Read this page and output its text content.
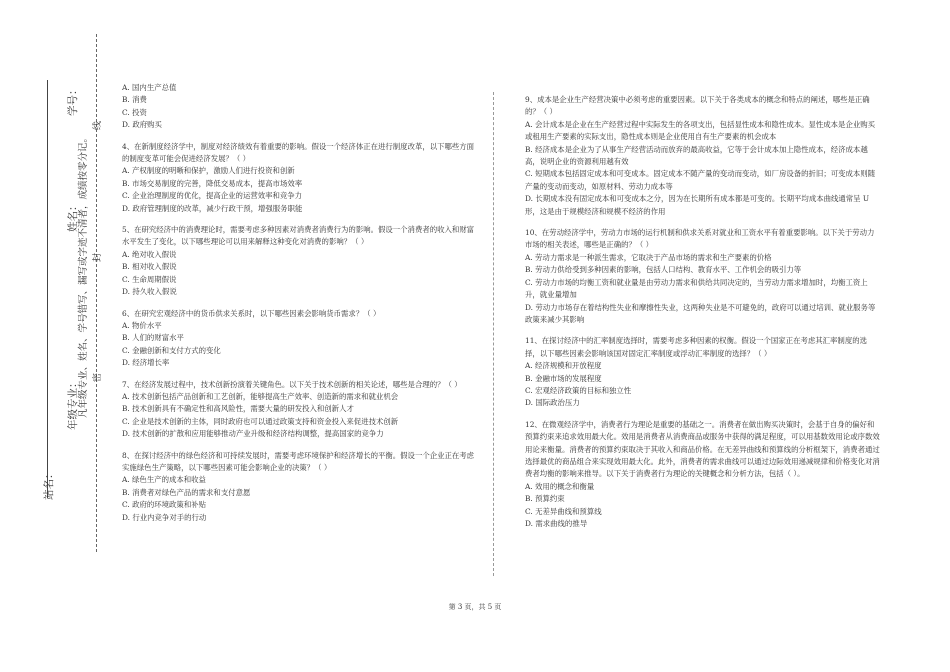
学号：
姓名：
年级专业：
站名：
凡年级专业、姓名、学号错写、漏写或字迹不清者，成绩按零分记。 密
封
线
A. 国内生产总值
B. 消费
C. 投资
D. 政府购买
4、在新制度经济学中，制度对经济绩效有着重要的影响。假设一个经济体正在进行制度改革，以下哪些方面的制度变革可能会促进经济发展？（ ）
A. 产权制度的明晰和保护，激励人们进行投资和创新
B. 市场交易制度的完善，降低交易成本，提高市场效率
C. 企业治理制度的优化，提高企业的运营效率和竞争力
D. 政府管理制度的改革，减少行政干预，增强服务职能
5、在研究经济中的消费理论时，需要考虑多种因素对消费者消费行为的影响。假设一个消费者的收入和财富水平发生了变化，以下哪些理论可以用来解释这种变化对消费的影响？（ ）
A. 绝对收入假说
B. 相对收入假说
C. 生命周期假说
D. 持久收入假说
6、在研究宏观经济中的货币供求关系时，以下哪些因素会影响货币需求？（ ）
A. 物价水平
B. 人们的财富水平
C. 金融创新和支付方式的变化
D. 经济增长率
7、在经济发展过程中，技术创新扮演着关键角色。以下关于技术创新的相关论述，哪些是合理的？（ ）
A. 技术创新包括产品创新和工艺创新，能够提高生产效率、创造新的需求和就业机会
B. 技术创新具有不确定性和高风险性，需要大量的研发投入和创新人才
C. 企业是技术创新的主体，同时政府也可以通过政策支持和资金投入来促进技术创新
D. 技术创新的扩散和应用能够推动产业升级和经济结构调整，提高国家的竞争力
8、在探讨经济中的绿色经济和可持续发展时，需要考虑环境保护和经济增长的平衡。假设一个企业正在考虑实施绿色生产策略，以下哪些因素可能会影响企业的决策？（ ）
A. 绿色生产的成本和收益
B. 消费者对绿色产品的需求和支付意愿
C. 政府的环境政策和补贴
D. 行业内竞争对手的行动
9、成本是企业生产经营决策中必须考虑的重要因素。以下关于各类成本的概念和特点的阐述，哪些是正确的？（ ）
A. 会计成本是企业在生产经营过程中实际发生的各项支出，包括显性成本和隐性成本。显性成本是企业购买或租用生产要素的实际支出，隐性成本则是企业使用自有生产要素的机会成本
B. 经济成本是企业为了从事生产经营活动而放弃的最高收益，它等于会计成本加上隐性成本，经济成本越高，说明企业的资源利用越有效
C. 短期成本包括固定成本和可变成本。固定成本不随产量的变动而变动，如厂房设备的折旧；可变成本则随产量的变动而变动，如原材料、劳动力成本等
D. 长期成本没有固定成本和可变成本之分，因为在长期所有成本都是可变的。长期平均成本曲线通常呈 U 形，这是由于规模经济和规模不经济的作用
10、在劳动经济学中，劳动力市场的运行机制和供求关系对就业和工资水平有着重要影响。以下关于劳动力市场的相关表述，哪些是正确的？（ ）
A. 劳动力需求是一种派生需求，它取决于产品市场的需求和生产要素的价格
B. 劳动力供给受到多种因素的影响，包括人口结构、教育水平、工作机会的吸引力等
C. 劳动力市场的均衡工资和就业量是由劳动力需求和供给共同决定的，当劳动力需求增加时，均衡工资上升，就业量增加
D. 劳动力市场存在着结构性失业和摩擦性失业，这两种失业是不可避免的，政府可以通过培训、就业服务等政策来减少其影响
11、在探讨经济中的汇率制度选择时，需要考虑多种因素的权衡。假设一个国家正在考虑其汇率制度的选择，以下哪些因素会影响该国对固定汇率制度或浮动汇率制度的选择？（ ）
A. 经济规模和开放程度
B. 金融市场的发展程度
C. 宏观经济政策的目标和独立性
D. 国际政治压力
12、在微观经济学中，消费者行为理论是重要的基础之一。消费者在做出购买决策时，会基于自身的偏好和预算约束来追求效用最大化。效用是消费者从消费商品或服务中获得的满足程度，可以用基数效用论或序数效用论来衡量。消费者的预算约束取决于其收入和商品价格。在无差异曲线和预算线的分析框架下，消费者通过选择最优的商品组合来实现效用最大化。此外，消费者的需求曲线可以通过边际效用递减规律和价格变化对消费者均衡的影响来推导。以下关于消费者行为理论的关键概念和分析方法，包括（ ）。
A. 效用的概念和衡量
B. 预算约束
C. 无差异曲线和预算线
D. 需求曲线的推导
第 3 页，共 5 页
